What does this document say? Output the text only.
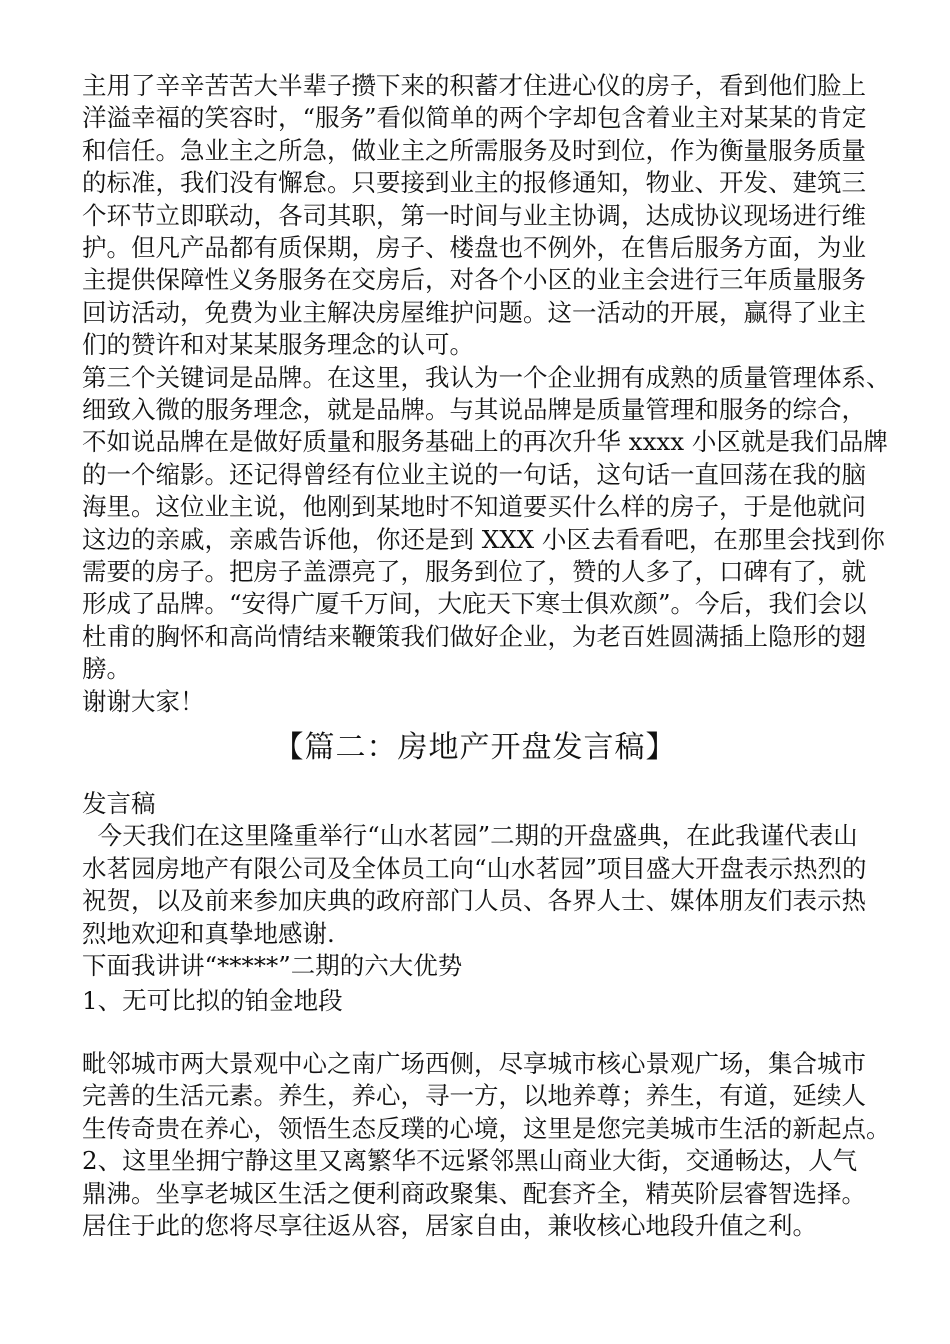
主用了辛辛苦苦大半辈子攒下来的积蓄才住进心仪的房子，看到他们脸上
洋溢幸福的笑容时，“服务”看似简单的两个字却包含着业主对某某的肯定
和信任。急业主之所急，做业主之所需服务及时到位，作为衡量服务质量
的标准，我们没有懈怠。只要接到业主的报修通知，物业、开发、建筑三
个环节立即联动，各司其职，第一时间与业主协调，达成协议现场进行维
护。但凡产品都有质保期，房子、楼盘也不例外，在售后服务方面，为业
主提供保障性义务服务在交房后，对各个小区的业主会进行三年质量服务
回访活动，免费为业主解决房屋维护问题。这一活动的开展，赢得了业主
们的赞许和对某某服务理念的认可。
第三个关键词是品牌。在这里，我认为一个企业拥有成熟的质量管理体系、
细致入微的服务理念，就是品牌。与其说品牌是质量管理和服务的综合，
不如说品牌在是做好质量和服务基础上的再次升华 xxxx 小区就是我们品牌
的一个缩影。还记得曾经有位业主说的一句话，这句话一直回荡在我的脑
海里。这位业主说，他刚到某地时不知道要买什么样的房子，于是他就问
这边的亲戚，亲戚告诉他，你还是到 XXX 小区去看看吧，在那里会找到你
需要的房子。把房子盖漂亮了，服务到位了，赞的人多了，口碑有了，就
形成了品牌。“安得广厦千万间，大庇天下寒士俱欢颜”。今后，我们会以
杜甫的胸怀和高尚情结来鞭策我们做好企业，为老百姓圆满插上隐形的翅
膀。
谢谢大家！
【篇二：房地产开盘发言稿】
发言稿
今天我们在这里隆重举行“山水茗园”二期的开盘盛典，在此我谨代表山
水茗园房地产有限公司及全体员工向“山水茗园”项目盛大开盘表示热烈的
祝贺，以及前来参加庆典的政府部门人员、各界人士、媒体朋友们表示热
烈地欢迎和真挚地感谢.
下面我讲讲“*****”二期的六大优势
1、无可比拟的铂金地段
毗邻城市两大景观中心之南广场西侧，尽享城市核心景观广场，集合城市
完善的生活元素。养生，养心，寻一方，以地养尊；养生，有道，延续人
生传奇贵在养心，领悟生态反璞的心境，这里是您完美城市生活的新起点。
2、这里坐拥宁静这里又离繁华不远紧邻黑山商业大街，交通畅达，人气
鼎沸。坐享老城区生活之便利商政聚集、配套齐全，精英阶层睿智选择。
居住于此的您将尽享往返从容，居家自由，兼收核心地段升值之利。
